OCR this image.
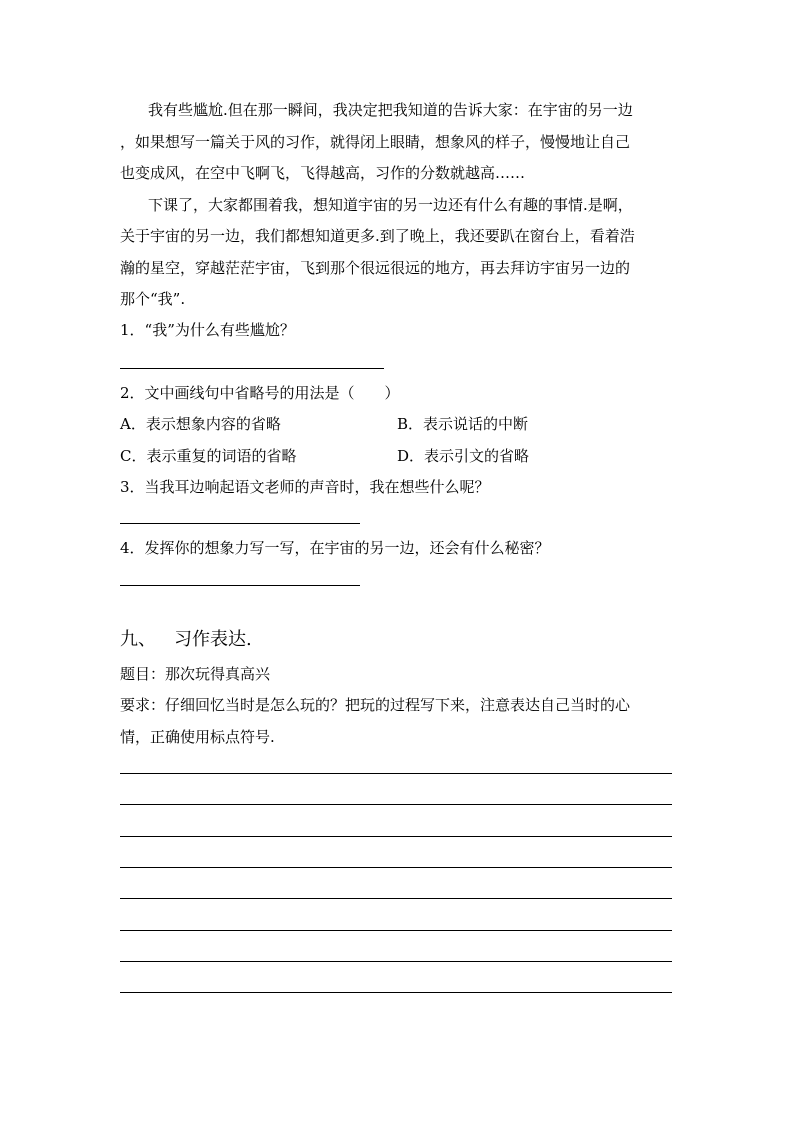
我有些尴尬.但在那一瞬间，我决定把我知道的告诉大家：在宇宙的另一边
，如果想写一篇关于风的习作，就得闭上眼睛，想象风的样子，慢慢地让自己
也变成风，在空中飞啊飞，飞得越高，习作的分数就越高……
下课了，大家都围着我，想知道宇宙的另一边还有什么有趣的事情.是啊，
关于宇宙的另一边，我们都想知道更多.到了晚上，我还要趴在窗台上，看着浩
瀚的星空，穿越茫茫宇宙，飞到那个很远很远的地方，再去拜访宇宙另一边的
那个“我”.
1．“我”为什么有些尴尬？
2．文中画线句中省略号的用法是（　　）
A．表示想象内容的省略	B．表示说话的中断
C．表示重复的词语的省略	D．表示引文的省略
3．当我耳边响起语文老师的声音时，我在想些什么呢？
4．发挥你的想象力写一写，在宇宙的另一边，还会有什么秘密？
九、 习作表达.
题目：那次玩得真高兴
要求：仔细回忆当时是怎么玩的？把玩的过程写下来，注意表达自己当时的心
情，正确使用标点符号.
